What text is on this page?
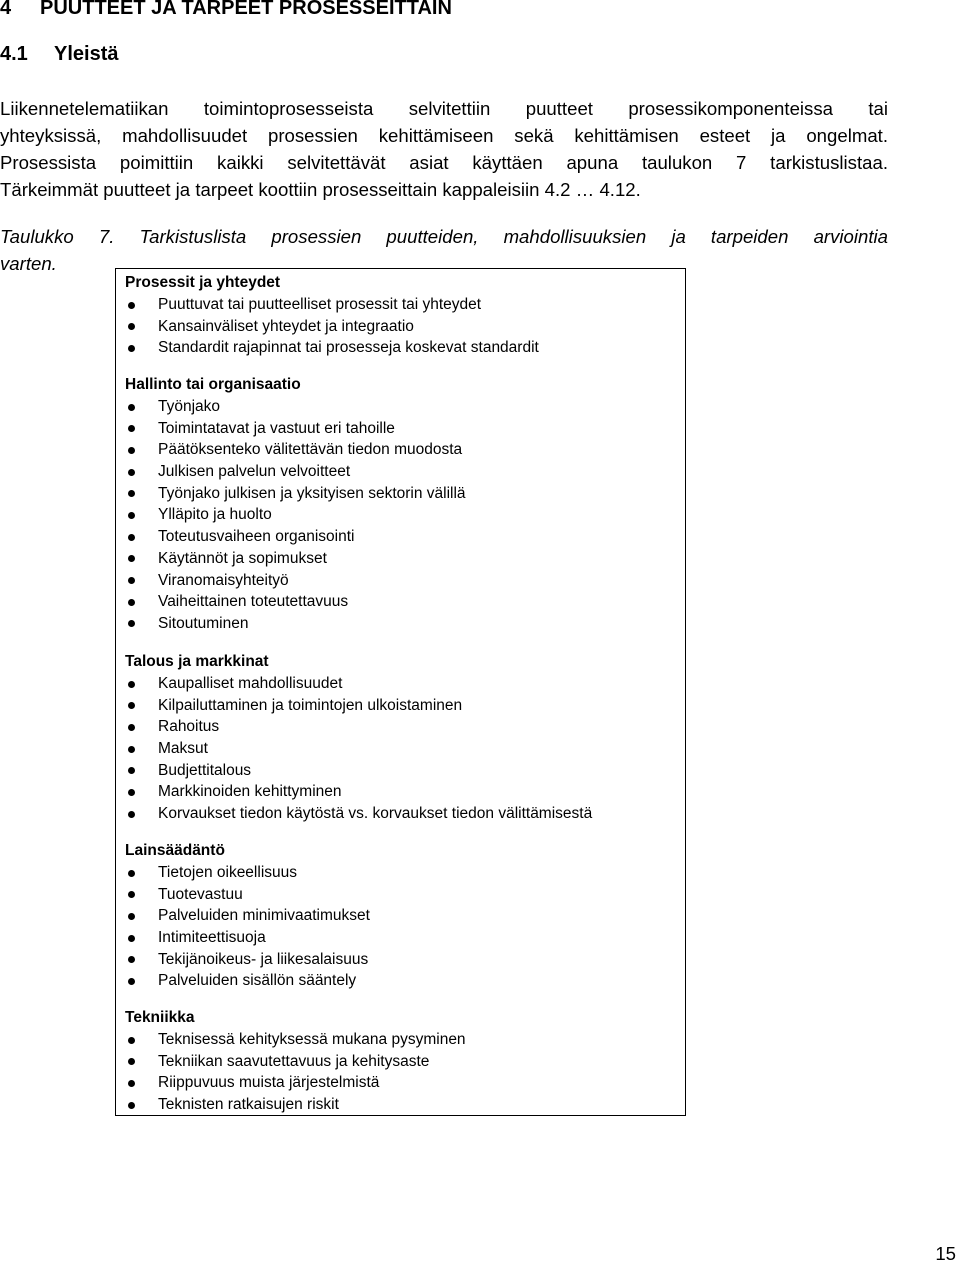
4 PUUTTEET JA TARPEET PROSESSEITTAIN
4.1 Yleistä

Liikennetelematiikan toimintoprosesseista selvitettiin puutteet prosessikomponenteissa tai
yhteyksissä, mahdollisuudet prosessien kehittämiseen sekä kehittämisen esteet ja ongelmat.
Prosessista poimittiin kaikki selvitettävät asiat käyttäen apuna taulukon 7 tarkistuslistaa.
Tärkeimmät puutteet ja tarpeet koottiin prosesseittain kappaleisiin 4.2 … 4.12.

Taulukko 7. Tarkistuslista prosessien puutteiden, mahdollisuuksien ja tarpeiden arviointia
varten.

Prosessit ja yhteydet
Puuttuvat tai puutteelliset prosessit tai yhteydet
Kansainväliset yhteydet ja integraatio
Standardit rajapinnat tai prosesseja koskevat standardit
Hallinto tai organisaatio
Työnjako
Toimintatavat ja vastuut eri tahoille
Päätöksenteko välitettävän tiedon muodosta
Julkisen palvelun velvoitteet
Työnjako julkisen ja yksityisen sektorin välillä
Ylläpito ja huolto
Toteutusvaiheen organisointi
Käytännöt ja sopimukset
Viranomaisyhteityö
Vaiheittainen toteutettavuus
Sitoutuminen
Talous ja markkinat
Kaupalliset mahdollisuudet
Kilpailuttaminen ja toimintojen ulkoistaminen
Rahoitus
Maksut
Budjettitalous
Markkinoiden kehittyminen
Korvaukset tiedon käytöstä vs. korvaukset tiedon välittämisestä
Lainsäädäntö
Tietojen oikeellisuus
Tuotevastuu
Palveluiden minimivaatimukset
Intimiteettisuoja
Tekijänoikeus- ja liikesalaisuus
Palveluiden sisällön sääntely
Tekniikka
Teknisessä kehityksessä mukana pysyminen
Tekniikan saavutettavuus ja kehitysaste
Riippuvuus muista järjestelmistä
Teknisten ratkaisujen riskit
15
